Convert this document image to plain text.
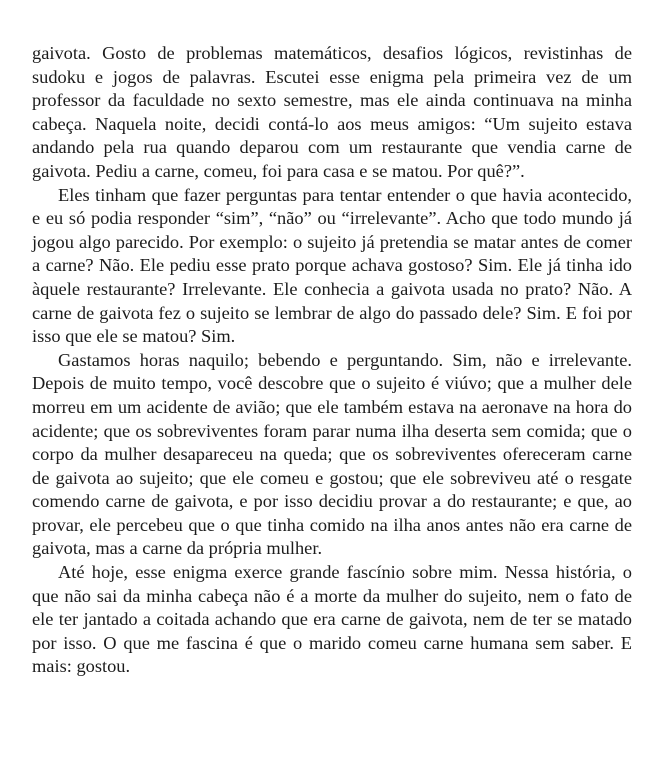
gaivota. Gosto de problemas matemáticos, desafios lógicos, revistinhas de sudoku e jogos de palavras. Escutei esse enigma pela primeira vez de um professor da faculdade no sexto semestre, mas ele ainda continuava na minha cabeça. Naquela noite, decidi contá-lo aos meus amigos: “Um sujeito estava andando pela rua quando deparou com um restaurante que vendia carne de gaivota. Pediu a carne, comeu, foi para casa e se matou. Por quê?”.

Eles tinham que fazer perguntas para tentar entender o que havia acontecido, e eu só podia responder “sim”, “não” ou “irrelevante”. Acho que todo mundo já jogou algo parecido. Por exemplo: o sujeito já pretendia se matar antes de comer a carne? Não. Ele pediu esse prato porque achava gostoso? Sim. Ele já tinha ido àquele restaurante? Irrelevante. Ele conhecia a gaivota usada no prato? Não. A carne de gaivota fez o sujeito se lembrar de algo do passado dele? Sim. E foi por isso que ele se matou? Sim.

Gastamos horas naquilo; bebendo e perguntando. Sim, não e irrelevante. Depois de muito tempo, você descobre que o sujeito é viúvo; que a mulher dele morreu em um acidente de avião; que ele também estava na aeronave na hora do acidente; que os sobreviventes foram parar numa ilha deserta sem comida; que o corpo da mulher desapareceu na queda; que os sobreviventes ofereceram carne de gaivota ao sujeito; que ele comeu e gostou; que ele sobreviveu até o resgate comendo carne de gaivota, e por isso decidiu provar a do restaurante; e que, ao provar, ele percebeu que o que tinha comido na ilha anos antes não era carne de gaivota, mas a carne da própria mulher.

Até hoje, esse enigma exerce grande fascínio sobre mim. Nessa história, o que não sai da minha cabeça não é a morte da mulher do sujeito, nem o fato de ele ter jantado a coitada achando que era carne de gaivota, nem de ter se matado por isso. O que me fascina é que o marido comeu carne humana sem saber. E mais: gostou.
